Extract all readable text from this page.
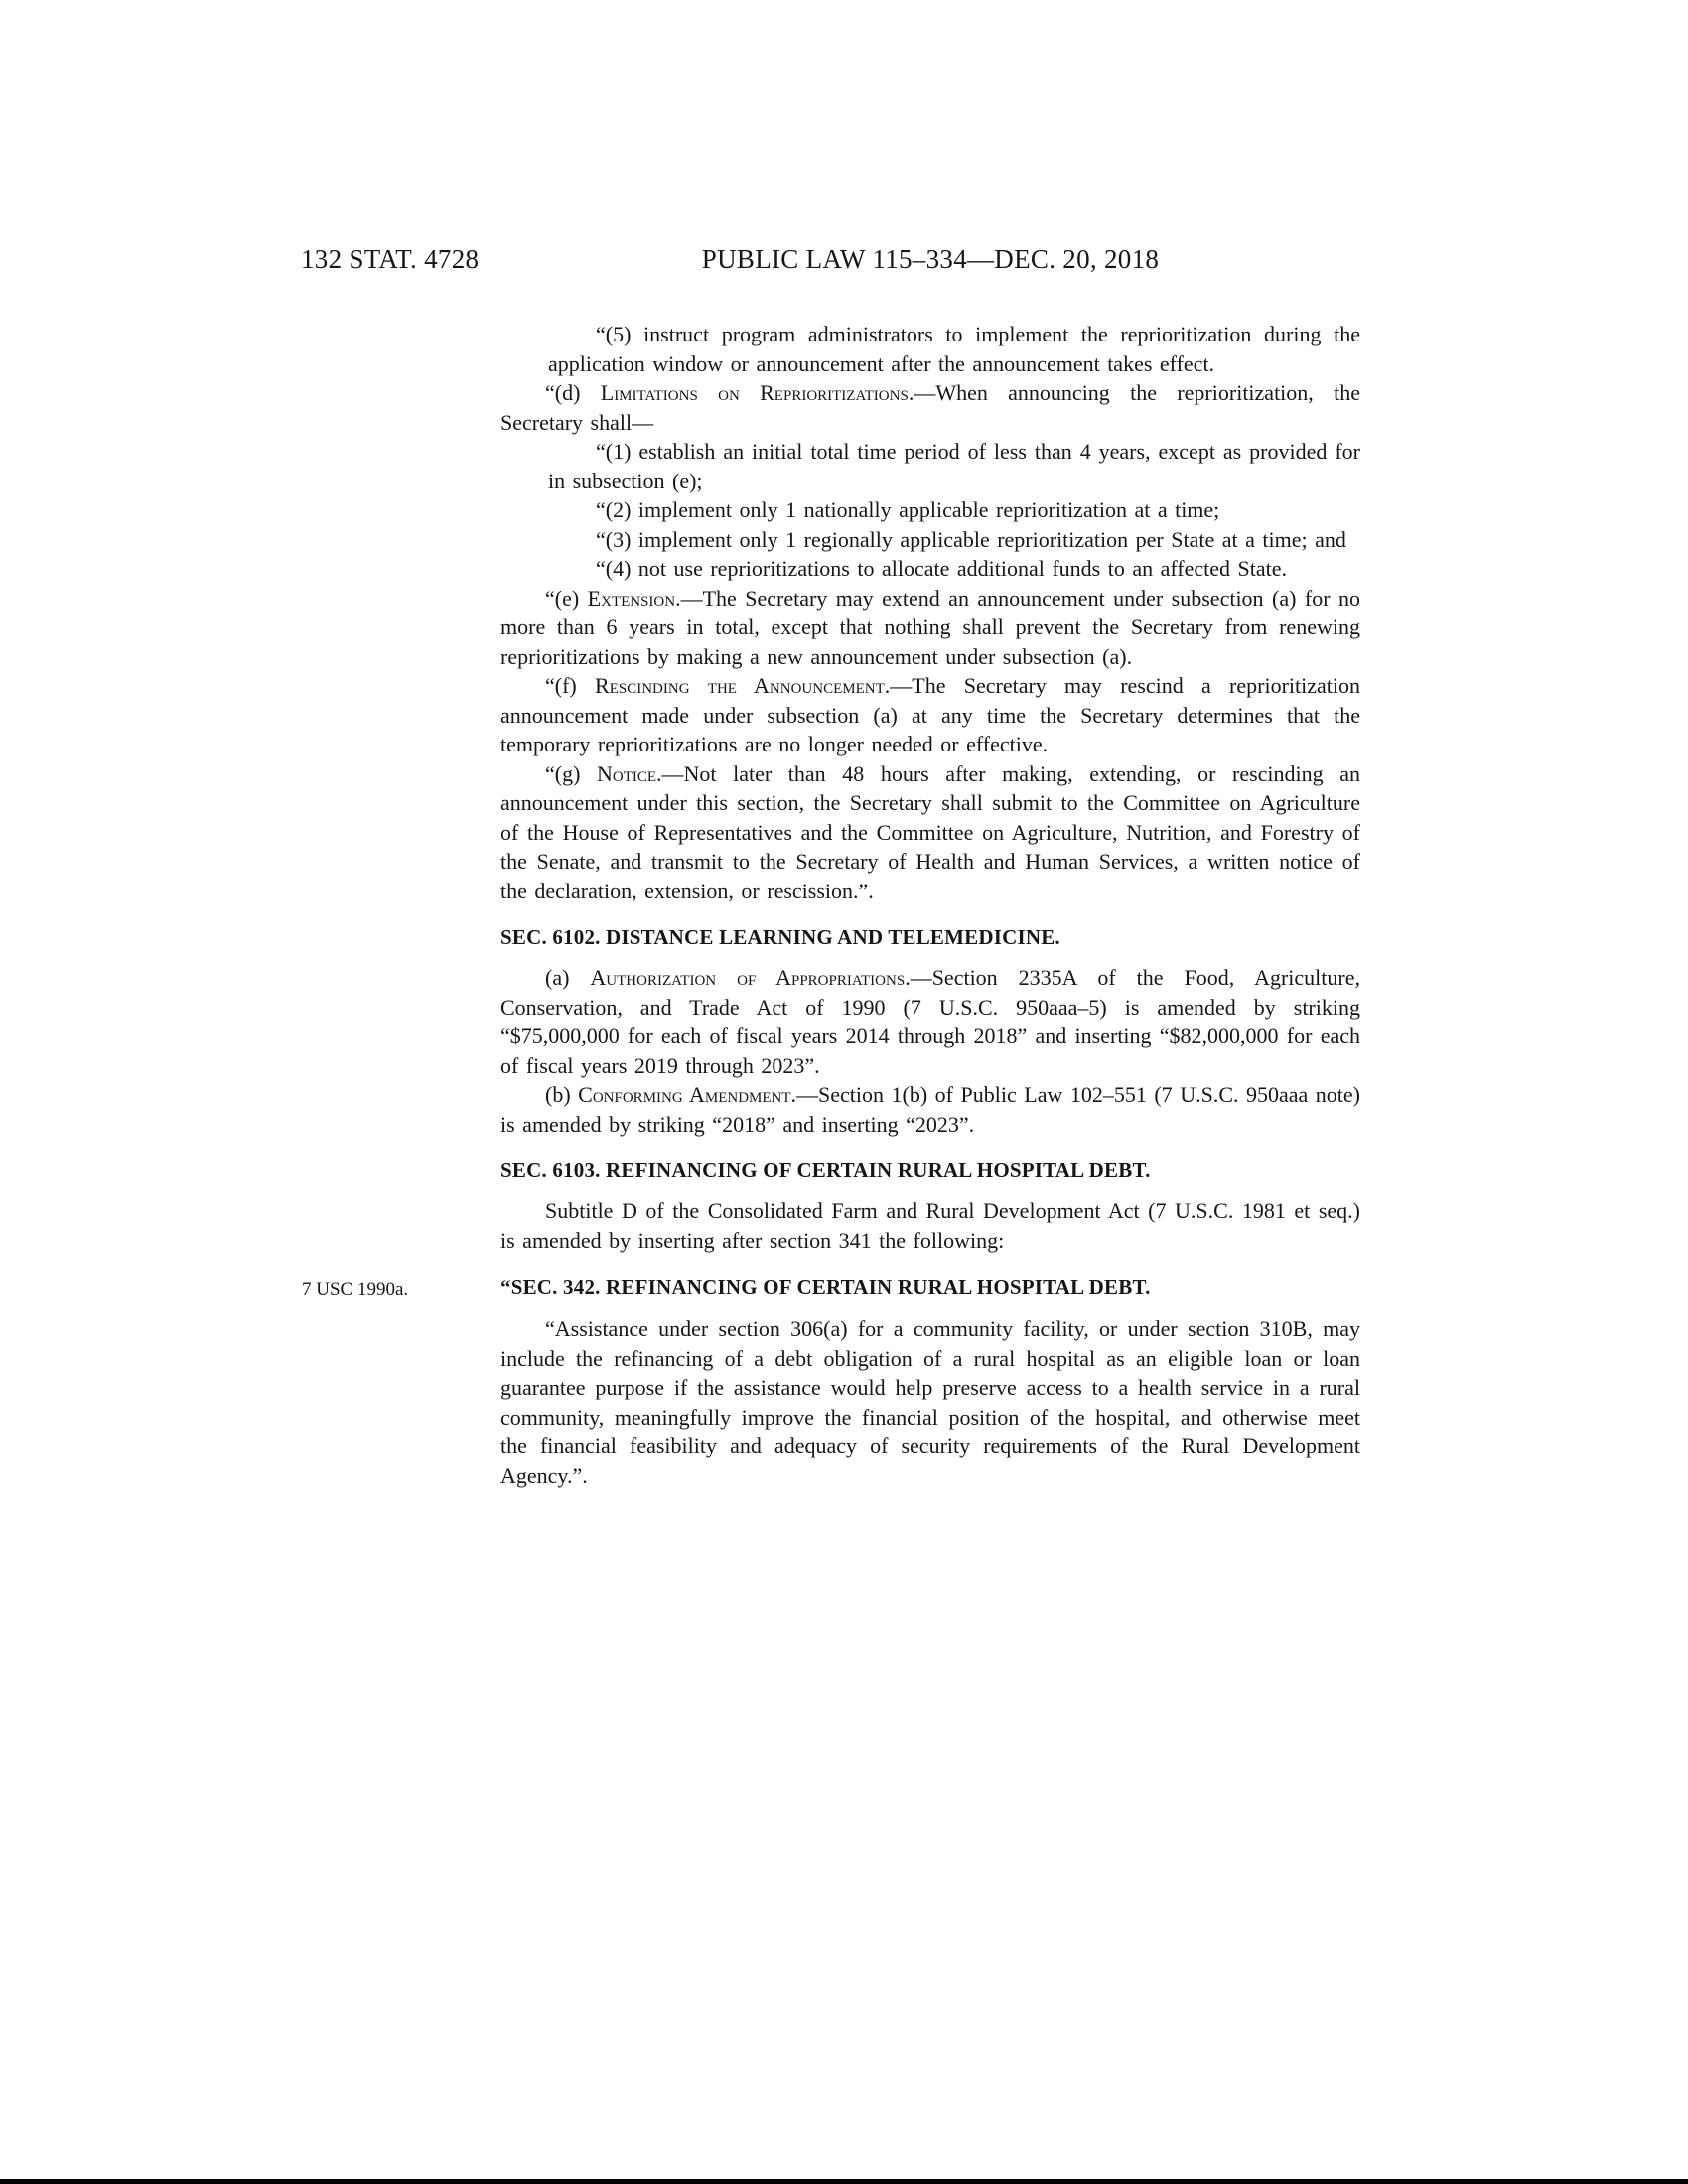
132 STAT. 4728	PUBLIC LAW 115–334—DEC. 20, 2018

“(5) instruct program administrators to implement the reprioritization during the application window or announcement after the announcement takes effect.

“(d) Limitations on Reprioritizations.—When announcing the reprioritization, the Secretary shall—

“(1) establish an initial total time period of less than 4 years, except as provided for in subsection (e);

“(2) implement only 1 nationally applicable reprioritization at a time;

“(3) implement only 1 regionally applicable reprioritization per State at a time; and

“(4) not use reprioritizations to allocate additional funds to an affected State.

“(e) Extension.—The Secretary may extend an announcement under subsection (a) for no more than 6 years in total, except that nothing shall prevent the Secretary from renewing reprioritizations by making a new announcement under subsection (a).

“(f) Rescinding the Announcement.—The Secretary may rescind a reprioritization announcement made under subsection (a) at any time the Secretary determines that the temporary reprioritizations are no longer needed or effective.

“(g) Notice.—Not later than 48 hours after making, extending, or rescinding an announcement under this section, the Secretary shall submit to the Committee on Agriculture of the House of Representatives and the Committee on Agriculture, Nutrition, and Forestry of the Senate, and transmit to the Secretary of Health and Human Services, a written notice of the declaration, extension, or rescission.”.

SEC. 6102. DISTANCE LEARNING AND TELEMEDICINE.

(a) Authorization of Appropriations.—Section 2335A of the Food, Agriculture, Conservation, and Trade Act of 1990 (7 U.S.C. 950aaa–5) is amended by striking “$75,000,000 for each of fiscal years 2014 through 2018” and inserting “$82,000,000 for each of fiscal years 2019 through 2023”.

(b) Conforming Amendment.—Section 1(b) of Public Law 102–551 (7 U.S.C. 950aaa note) is amended by striking “2018” and inserting “2023”.

SEC. 6103. REFINANCING OF CERTAIN RURAL HOSPITAL DEBT.

Subtitle D of the Consolidated Farm and Rural Development Act (7 U.S.C. 1981 et seq.) is amended by inserting after section 341 the following:

7 USC 1990a.	“SEC. 342. REFINANCING OF CERTAIN RURAL HOSPITAL DEBT.

“Assistance under section 306(a) for a community facility, or under section 310B, may include the refinancing of a debt obligation of a rural hospital as an eligible loan or loan guarantee purpose if the assistance would help preserve access to a health service in a rural community, meaningfully improve the financial position of the hospital, and otherwise meet the financial feasibility and adequacy of security requirements of the Rural Development Agency.”.
